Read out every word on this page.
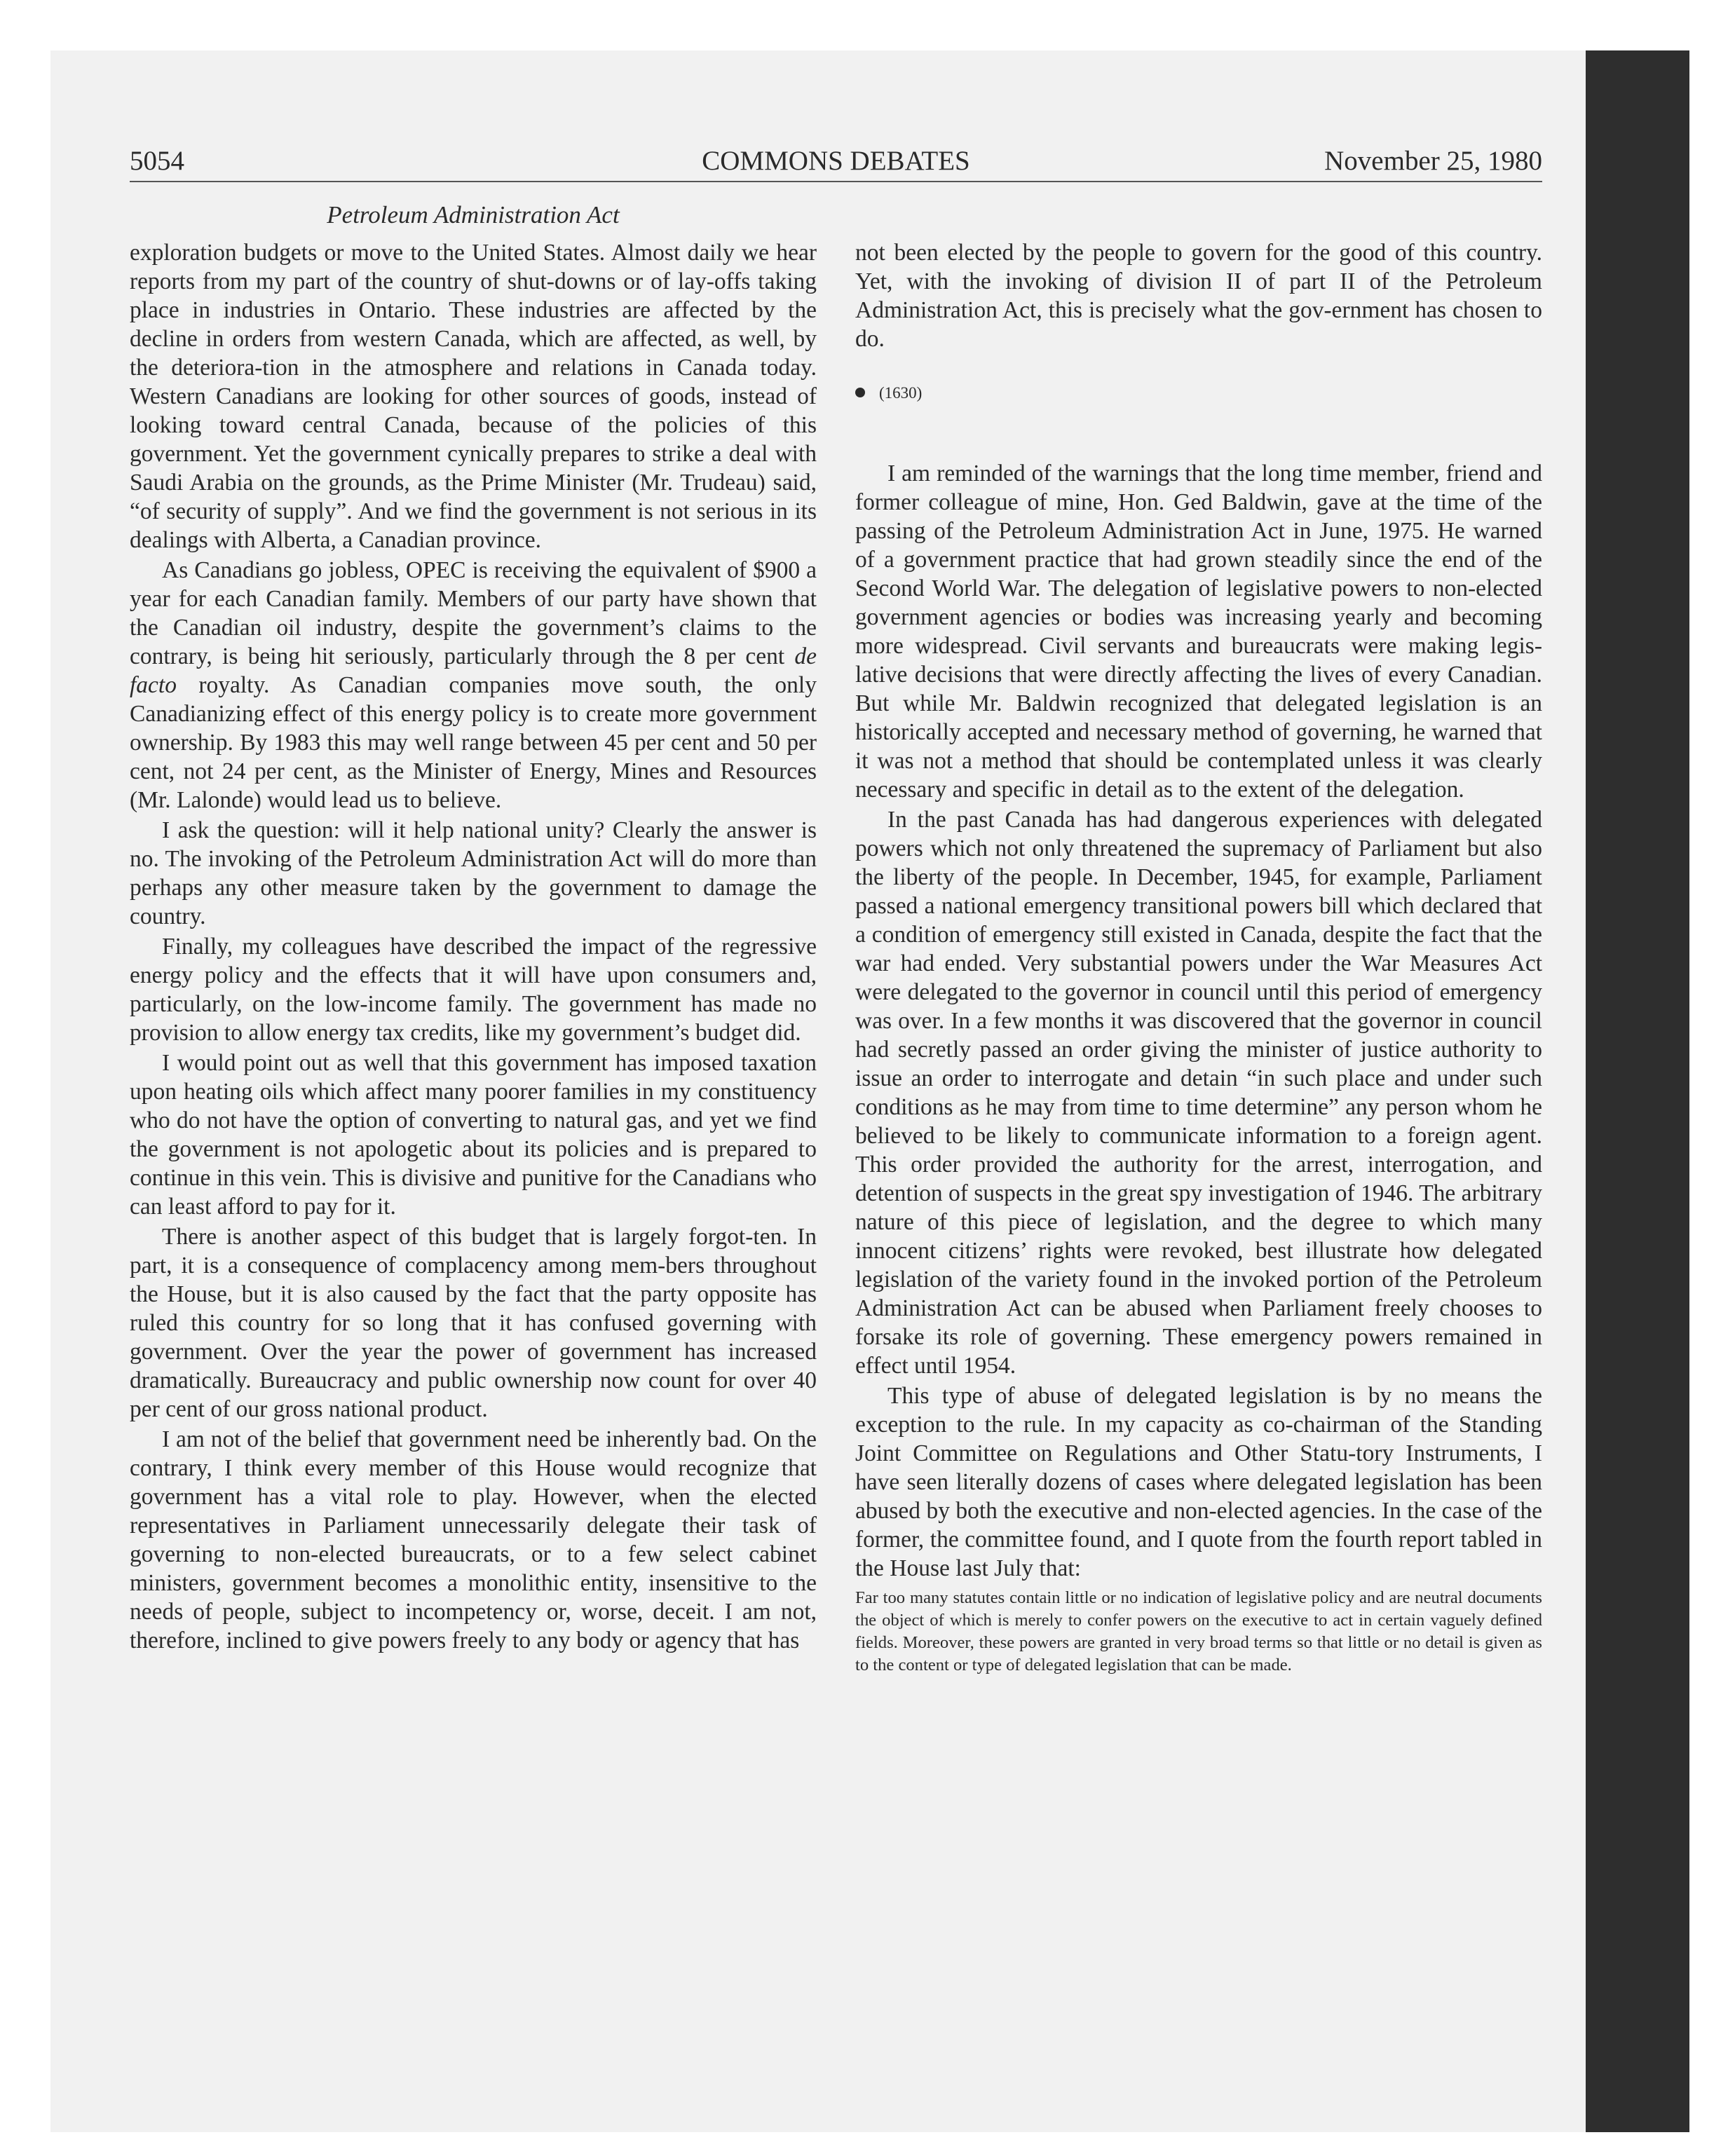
5054	COMMONS DEBATES	November 25, 1980
Petroleum Administration Act

exploration budgets or move to the United States. Almost daily we hear reports from my part of the country of shut-downs or of lay-offs taking place in industries in Ontario. These industries are affected by the decline in orders from western Canada, which are affected, as well, by the deteriora-tion in the atmosphere and relations in Canada today. Western Canadians are looking for other sources of goods, instead of looking toward central Canada, because of the policies of this government. Yet the government cynically prepares to strike a deal with Saudi Arabia on the grounds, as the Prime Minister (Mr. Trudeau) said, “of security of supply”. And we find the government is not serious in its dealings with Alberta, a Canadian province.

As Canadians go jobless, OPEC is receiving the equivalent of $900 a year for each Canadian family. Members of our party have shown that the Canadian oil industry, despite the government’s claims to the contrary, is being hit seriously, particularly through the 8 per cent de facto royalty. As Canadian companies move south, the only Canadianizing effect of this energy policy is to create more government ownership. By 1983 this may well range between 45 per cent and 50 per cent, not 24 per cent, as the Minister of Energy, Mines and Resources (Mr. Lalonde) would lead us to believe.

I ask the question: will it help national unity? Clearly the answer is no. The invoking of the Petroleum Administration Act will do more than perhaps any other measure taken by the government to damage the country.

Finally, my colleagues have described the impact of the regressive energy policy and the effects that it will have upon consumers and, particularly, on the low-income family. The government has made no provision to allow energy tax credits, like my government’s budget did.

I would point out as well that this government has imposed taxation upon heating oils which affect many poorer families in my constituency who do not have the option of converting to natural gas, and yet we find the government is not apologetic about its policies and is prepared to continue in this vein. This is divisive and punitive for the Canadians who can least afford to pay for it.

There is another aspect of this budget that is largely forgot-ten. In part, it is a consequence of complacency among mem-bers throughout the House, but it is also caused by the fact that the party opposite has ruled this country for so long that it has confused governing with government. Over the year the power of government has increased dramatically. Bureaucracy and public ownership now count for over 40 per cent of our gross national product.

I am not of the belief that government need be inherently bad. On the contrary, I think every member of this House would recognize that government has a vital role to play. However, when the elected representatives in Parliament unnecessarily delegate their task of governing to non-elected bureaucrats, or to a few select cabinet ministers, government becomes a monolithic entity, insensitive to the needs of people, subject to incompetency or, worse, deceit. I am not, therefore, inclined to give powers freely to any body or agency that has

not been elected by the people to govern for the good of this country. Yet, with the invoking of division II of part II of the Petroleum Administration Act, this is precisely what the gov-ernment has chosen to do.

(1630)

I am reminded of the warnings that the long time member, friend and former colleague of mine, Hon. Ged Baldwin, gave at the time of the passing of the Petroleum Administration Act in June, 1975. He warned of a government practice that had grown steadily since the end of the Second World War. The delegation of legislative powers to non-elected government agencies or bodies was increasing yearly and becoming more widespread. Civil servants and bureaucrats were making legis-lative decisions that were directly affecting the lives of every Canadian. But while Mr. Baldwin recognized that delegated legislation is an historically accepted and necessary method of governing, he warned that it was not a method that should be contemplated unless it was clearly necessary and specific in detail as to the extent of the delegation.

In the past Canada has had dangerous experiences with delegated powers which not only threatened the supremacy of Parliament but also the liberty of the people. In December, 1945, for example, Parliament passed a national emergency transitional powers bill which declared that a condition of emergency still existed in Canada, despite the fact that the war had ended. Very substantial powers under the War Measures Act were delegated to the governor in council until this period of emergency was over. In a few months it was discovered that the governor in council had secretly passed an order giving the minister of justice authority to issue an order to interrogate and detain “in such place and under such conditions as he may from time to time determine” any person whom he believed to be likely to communicate information to a foreign agent. This order provided the authority for the arrest, interrogation, and detention of suspects in the great spy investigation of 1946. The arbitrary nature of this piece of legislation, and the degree to which many innocent citizens’ rights were revoked, best illustrate how delegated legislation of the variety found in the invoked portion of the Petroleum Administration Act can be abused when Parliament freely chooses to forsake its role of governing. These emergency powers remained in effect until 1954.

This type of abuse of delegated legislation is by no means the exception to the rule. In my capacity as co-chairman of the Standing Joint Committee on Regulations and Other Statu-tory Instruments, I have seen literally dozens of cases where delegated legislation has been abused by both the executive and non-elected agencies. In the case of the former, the committee found, and I quote from the fourth report tabled in the House last July that:

Far too many statutes contain little or no indication of legislative policy and are neutral documents the object of which is merely to confer powers on the executive to act in certain vaguely defined fields. Moreover, these powers are granted in very broad terms so that little or no detail is given as to the content or type of delegated legislation that can be made.
